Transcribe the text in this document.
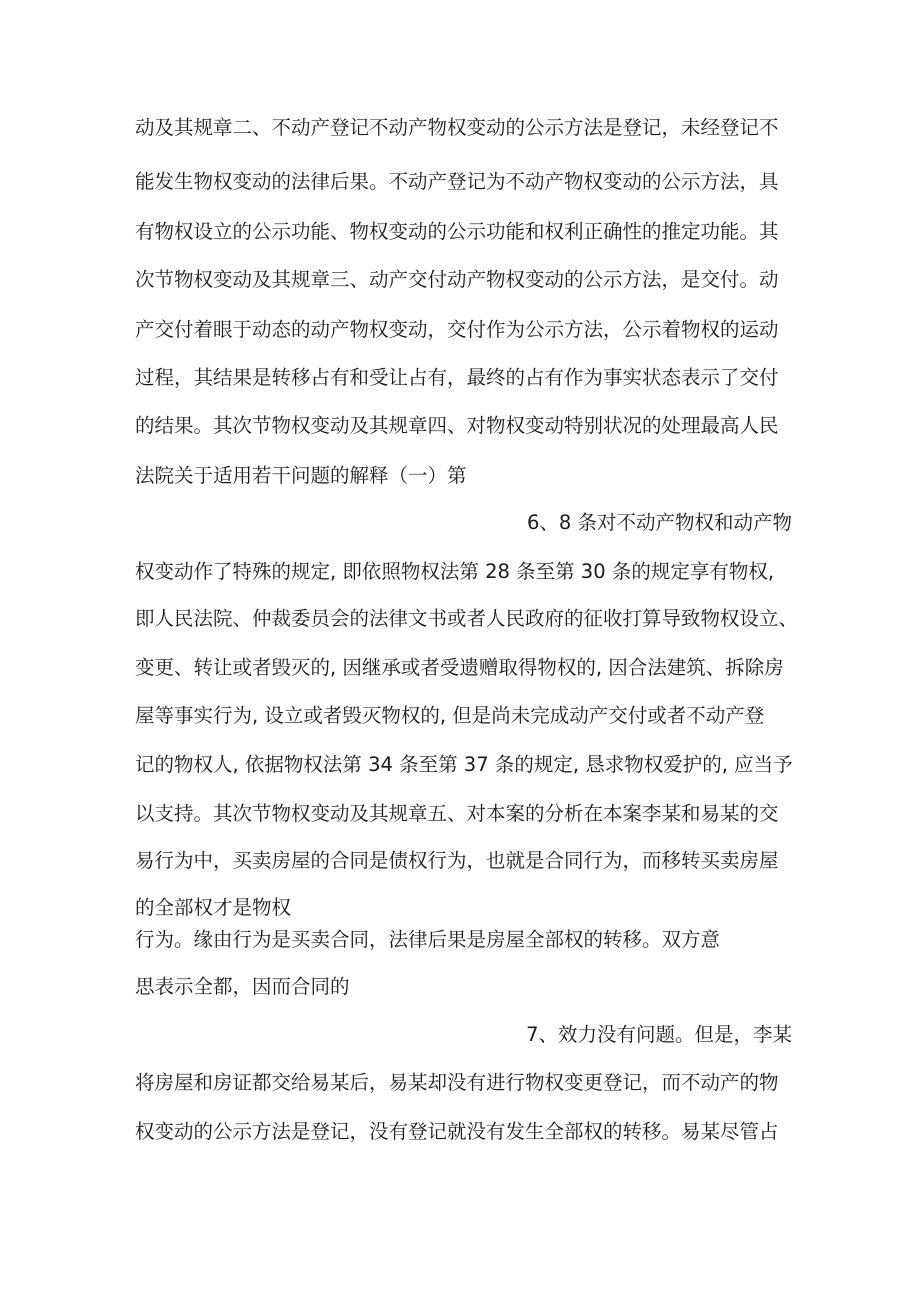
动及其规章二、不动产登记不动产物权变动的公示方法是登记，未经登记不
能发生物权变动的法律后果。不动产登记为不动产物权变动的公示方法，具
有物权设立的公示功能、物权变动的公示功能和权利正确性的推定功能。其
次节物权变动及其规章三、动产交付动产物权变动的公示方法，是交付。动
产交付着眼于动态的动产物权变动，交付作为公示方法，公示着物权的运动
过程，其结果是转移占有和受让占有，最终的占有作为事实状态表示了交付
的结果。其次节物权变动及其规章四、对物权变动特别状况的处理最高人民
法院关于适用若干问题的解释（一）第
6、8 条对不动产物权和动产物
权变动作了特殊的规定, 即依照物权法第 28 条至第 30 条的规定享有物权,
即人民法院、仲裁委员会的法律文书或者人民政府的征收打算导致物权设立、
变更、转让或者毁灭的, 因继承或者受遗赠取得物权的, 因合法建筑、拆除房
屋等事实行为, 设立或者毁灭物权的, 但是尚未完成动产交付或者不动产登
记的物权人, 依据物权法第 34 条至第 37 条的规定, 恳求物权爱护的, 应当予
以支持。其次节物权变动及其规章五、对本案的分析在本案李某和易某的交
易行为中，买卖房屋的合同是债权行为，也就是合同行为，而移转买卖房屋
的全部权才是物权
行为。缘由行为是买卖合同，法律后果是房屋全部权的转移。双方意
思表示全都，因而合同的
7、效力没有问题。但是，李某
将房屋和房证都交给易某后，易某却没有进行物权变更登记，而不动产的物
权变动的公示方法是登记，没有登记就没有发生全部权的转移。易某尽管占
